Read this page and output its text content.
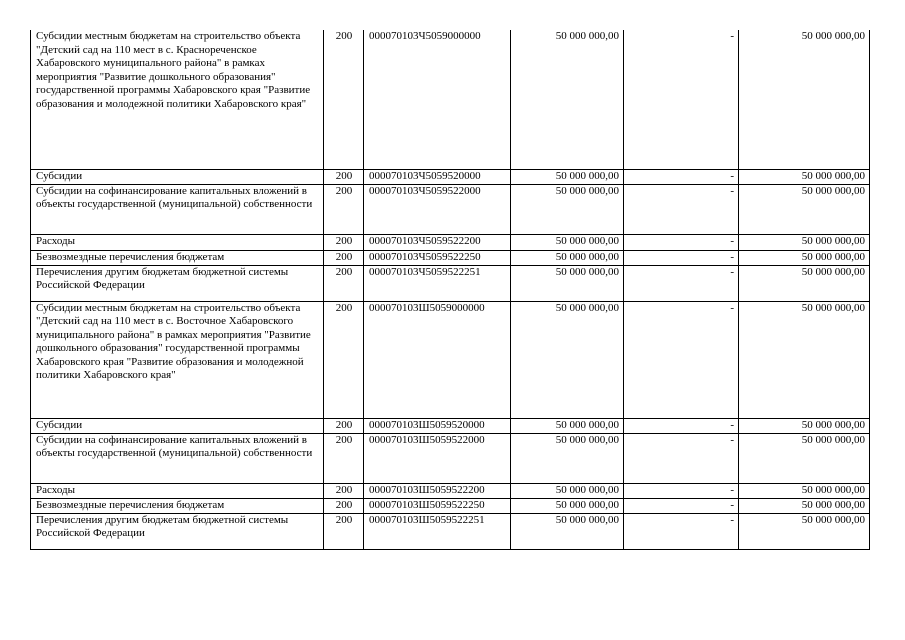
Субсидии местным бюджетам на строительство объекта "Детский сад на 110 мест в с. Краснореченское Хабаровского муниципального района" в рамках мероприятия "Развитие дошкольного образования" государственной программы Хабаровского края "Развитие образования и молодежной политики Хабаровского края"	200	000070103Ч5059000000	50 000 000,00	-	50 000 000,00
Субсидии	200	000070103Ч5059520000	50 000 000,00	-	50 000 000,00
Субсидии на софинансирование капитальных вложений в объекты государственной (муниципальной) собственности	200	000070103Ч5059522000	50 000 000,00	-	50 000 000,00
Расходы	200	000070103Ч5059522200	50 000 000,00	-	50 000 000,00
Безвозмездные перечисления бюджетам	200	000070103Ч5059522250	50 000 000,00	-	50 000 000,00
Перечисления другим бюджетам бюджетной системы Российской Федерации	200	000070103Ч5059522251	50 000 000,00	-	50 000 000,00
Субсидии местным бюджетам на строительство объекта "Детский сад на 110 мест в с. Восточное Хабаровского муниципального района" в рамках мероприятия "Развитие дошкольного образования" государственной программы Хабаровского края "Развитие образования и молодежной политики Хабаровского края"	200	000070103Ш5059000000	50 000 000,00	-	50 000 000,00
Субсидии	200	000070103Ш5059520000	50 000 000,00	-	50 000 000,00
Субсидии на софинансирование капитальных вложений в объекты государственной (муниципальной) собственности	200	000070103Ш5059522000	50 000 000,00	-	50 000 000,00
Расходы	200	000070103Ш5059522200	50 000 000,00	-	50 000 000,00
Безвозмездные перечисления бюджетам	200	000070103Ш5059522250	50 000 000,00	-	50 000 000,00
Перечисления другим бюджетам бюджетной системы Российской Федерации	200	000070103Ш5059522251	50 000 000,00	-	50 000 000,00
